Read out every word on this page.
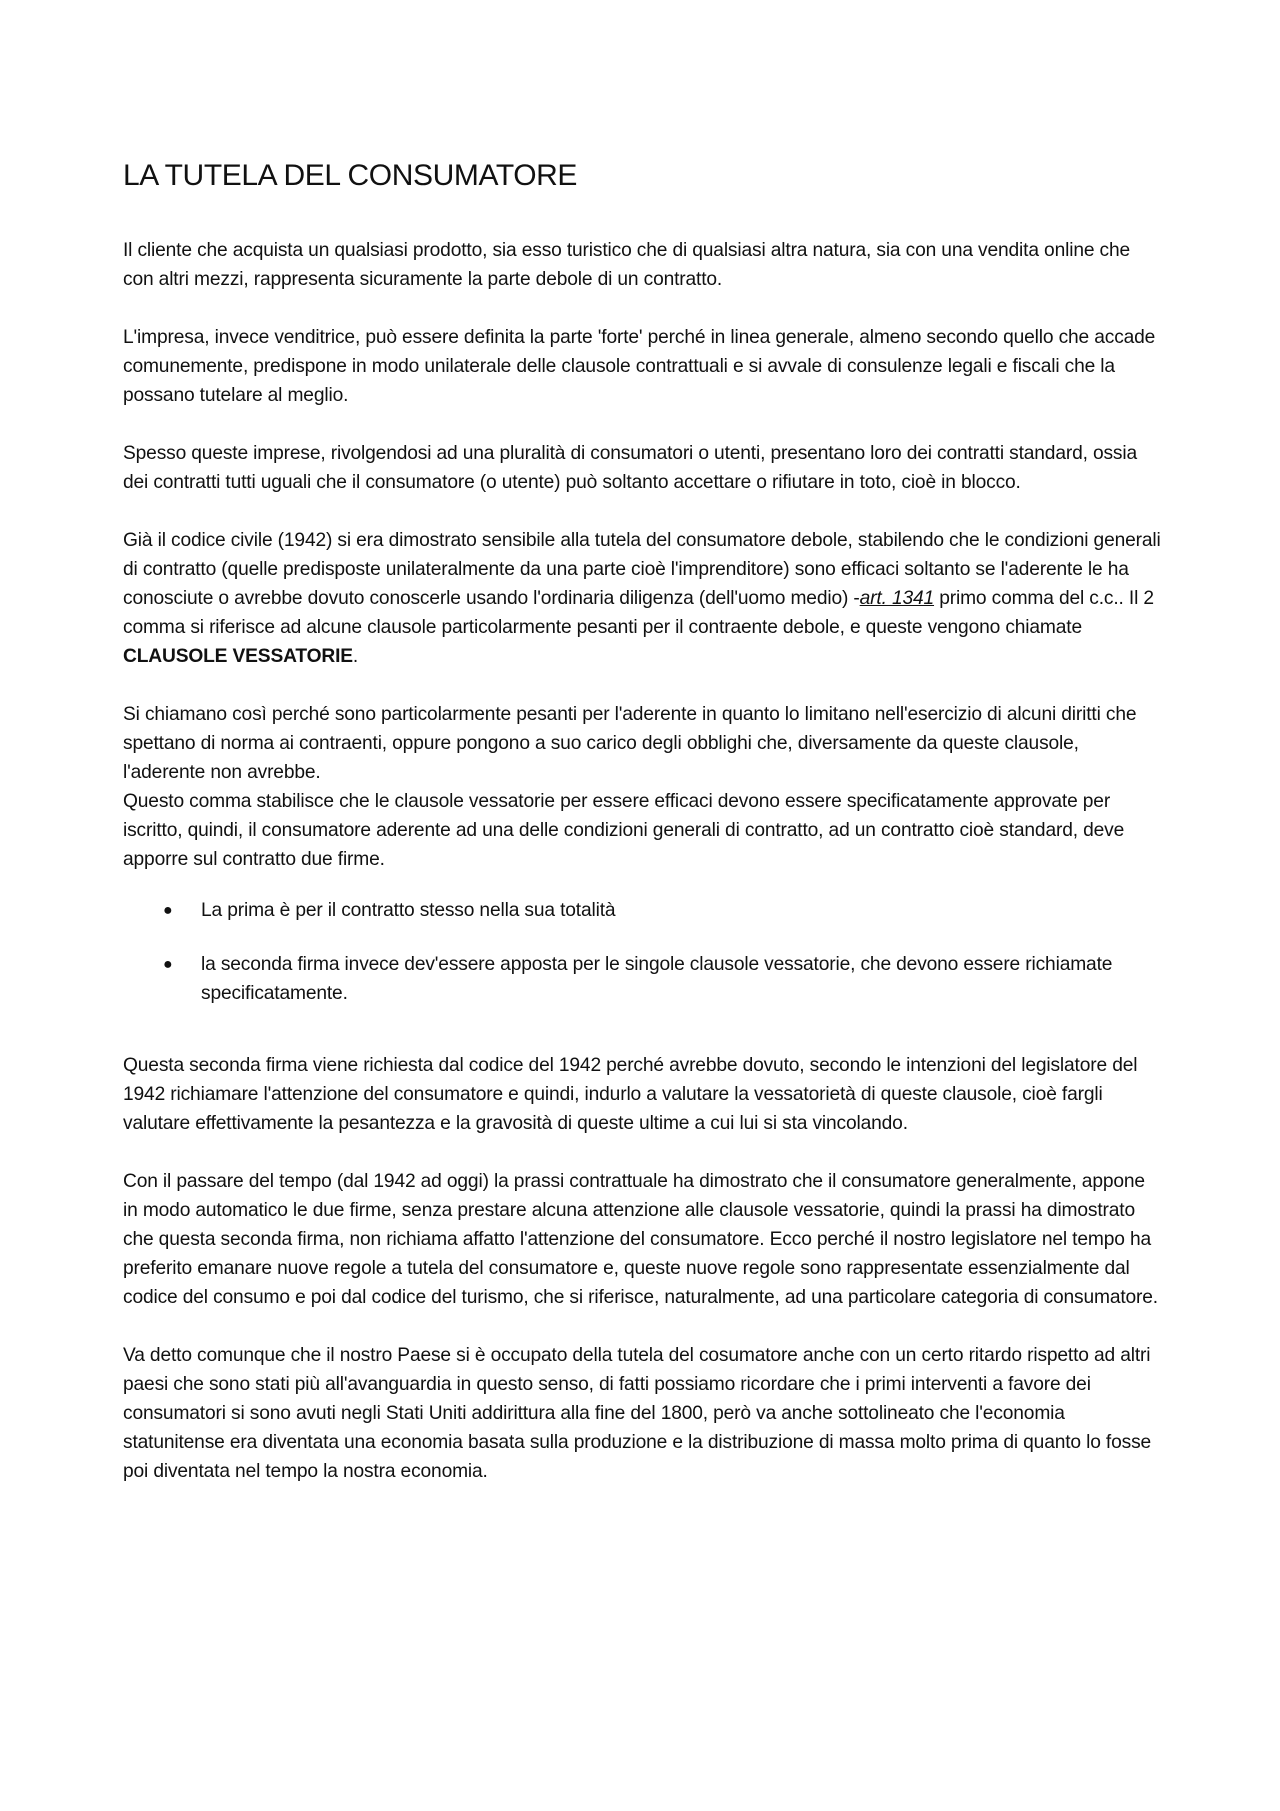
LA TUTELA DEL CONSUMATORE

Il cliente che acquista un qualsiasi prodotto, sia esso turistico che di qualsiasi altra natura, sia con una vendita online che con altri mezzi, rappresenta sicuramente la parte debole di un contratto.

L'impresa, invece venditrice, può essere definita la parte 'forte' perché in linea generale, almeno secondo quello che accade comunemente, predispone in modo unilaterale delle clausole contrattuali e si avvale di consulenze legali e fiscali che la possano tutelare al meglio.

Spesso queste imprese, rivolgendosi ad una pluralità di consumatori o utenti, presentano loro dei contratti standard, ossia dei contratti tutti uguali che il consumatore (o utente) può soltanto accettare o rifiutare in toto, cioè in blocco.

Già il codice civile (1942) si era dimostrato sensibile alla tutela del consumatore debole, stabilendo che le condizioni generali di contratto (quelle predisposte unilateralmente da una parte cioè l'imprenditore) sono efficaci soltanto se l'aderente le ha conosciute o avrebbe dovuto conoscerle usando l'ordinaria diligenza (dell'uomo medio) -art. 1341 primo comma del c.c.. Il 2 comma si riferisce ad alcune clausole particolarmente pesanti per il contraente debole, e queste vengono chiamate CLAUSOLE VESSATORIE.

Si chiamano così perché sono particolarmente pesanti per l'aderente in quanto lo limitano nell'esercizio di alcuni diritti che spettano di norma ai contraenti, oppure pongono a suo carico degli obblighi che, diversamente da queste clausole, l'aderente non avrebbe.

Questo comma stabilisce che le clausole vessatorie per essere efficaci devono essere specificatamente approvate per iscritto, quindi, il consumatore aderente ad una delle condizioni generali di contratto, ad un contratto cioè standard, deve apporre sul contratto due firme.

● La prima è per il contratto stesso nella sua totalità
● la seconda firma invece dev'essere apposta per le singole clausole vessatorie, che devono essere richiamate specificatamente.

Questa seconda firma viene richiesta dal codice del 1942 perché avrebbe dovuto, secondo le intenzioni del legislatore del 1942 richiamare l'attenzione del consumatore e quindi, indurlo a valutare la vessatorietà di queste clausole, cioè fargli valutare effettivamente la pesantezza e la gravosità di queste ultime a cui lui si sta vincolando.

Con il passare del tempo (dal 1942 ad oggi) la prassi contrattuale ha dimostrato che il consumatore generalmente, appone in modo automatico le due firme, senza prestare alcuna attenzione alle clausole vessatorie, quindi la prassi ha dimostrato che questa seconda firma, non richiama affatto l'attenzione del consumatore. Ecco perché il nostro legislatore nel tempo ha preferito emanare nuove regole a tutela del consumatore e, queste nuove regole sono rappresentate essenzialmente dal codice del consumo e poi dal codice del turismo, che si riferisce, naturalmente, ad una particolare categoria di consumatore.

Va detto comunque che il nostro Paese si è occupato della tutela del cosumatore anche con un certo ritardo rispetto ad altri paesi che sono stati più all'avanguardia in questo senso, di fatti possiamo ricordare che i primi interventi a favore dei consumatori si sono avuti negli Stati Uniti addirittura alla fine del 1800, però va anche sottolineato che l'economia statunitense era diventata una economia basata sulla produzione e la distribuzione di massa molto prima di quanto lo fosse poi diventata nel tempo la nostra economia.
